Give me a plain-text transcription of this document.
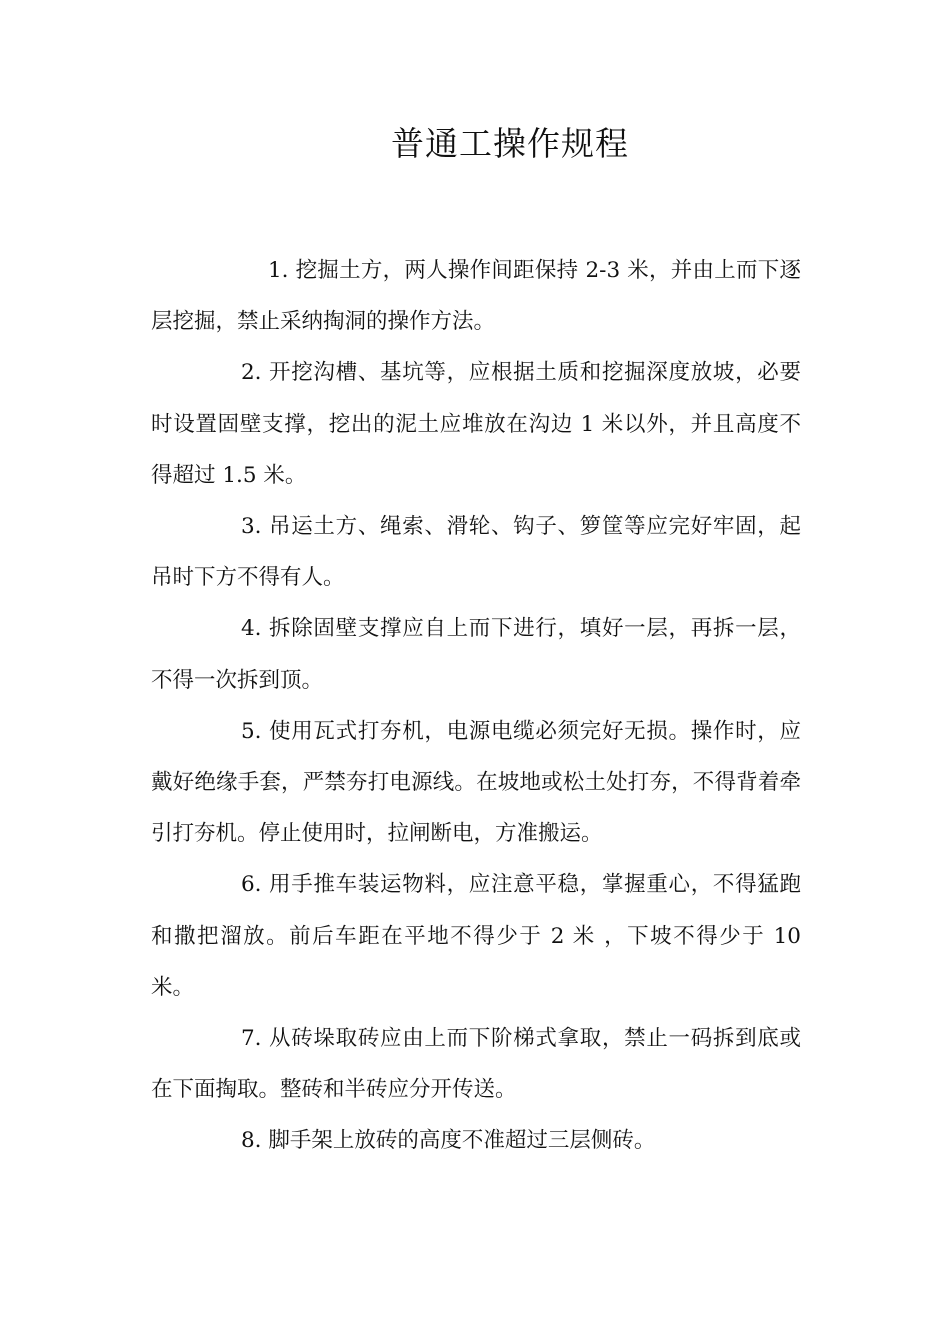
普通工操作规程

1. 挖掘土方，两人操作间距保持 2-3 米，并由上而下逐层挖掘，禁止采纳掏洞的操作方法。

2. 开挖沟槽、基坑等，应根据土质和挖掘深度放坡，必要时设置固壁支撑，挖出的泥土应堆放在沟边 1 米以外，并且高度不得超过 1.5 米。

3. 吊运土方、绳索、滑轮、钩子、箩筐等应完好牢固，起吊时下方不得有人。

4. 拆除固壁支撑应自上而下进行，填好一层，再拆一层，不得一次拆到顶。

5. 使用瓦式打夯机，电源电缆必须完好无损。操作时，应戴好绝缘手套，严禁夯打电源线。在坡地或松土处打夯，不得背着牵引打夯机。停止使用时，拉闸断电，方准搬运。

6. 用手推车装运物料，应注意平稳，掌握重心，不得猛跑和撒把溜放。前后车距在平地不得少于 2 米 ，下坡不得少于 10 米。

7. 从砖垛取砖应由上而下阶梯式拿取，禁止一码拆到底或在下面掏取。整砖和半砖应分开传送。

8. 脚手架上放砖的高度不准超过三层侧砖。
